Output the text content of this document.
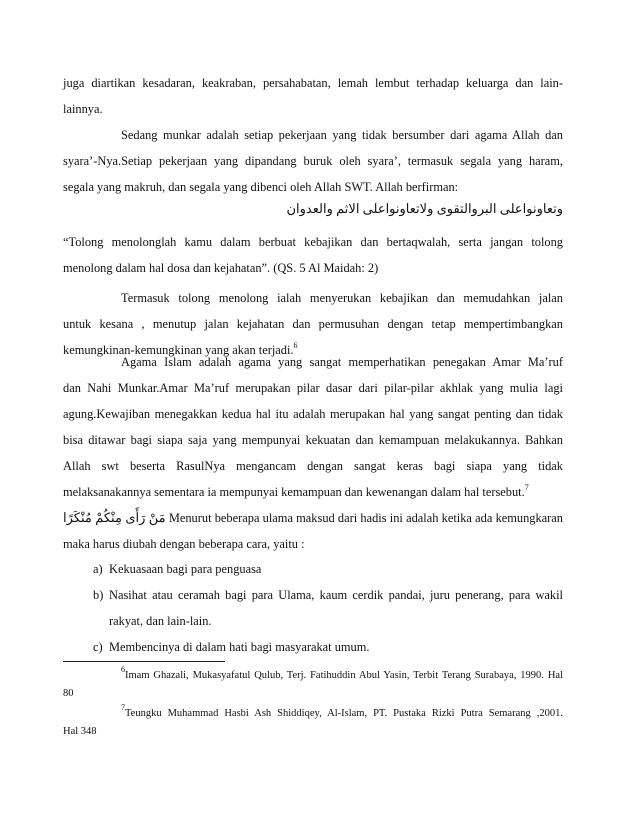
juga diartikan kesadaran, keakraban, persahabatan, lemah lembut terhadap keluarga dan lain-
lainnya.
Sedang munkar adalah setiap pekerjaan yang tidak bersumber dari agama Allah dan
syara’-Nya.Setiap pekerjaan yang dipandang buruk oleh syara’, termasuk segala yang haram,
segala yang makruh, dan segala yang dibenci oleh Allah SWT. Allah berfirman:
وتعاونواعلى البروالتقوى ولاتعاونواعلى الاثم والعدوان
“Tolong menolonglah kamu dalam berbuat kebajikan dan bertaqwalah, serta jangan tolong
menolong dalam hal dosa dan kejahatan”. (QS. 5 Al Maidah: 2)
Termasuk tolong menolong ialah menyerukan kebajikan dan memudahkan jalan
untuk kesana , menutup jalan kejahatan dan permusuhan dengan tetap mempertimbangkan
kemungkinan-kemungkinan yang akan terjadi.$^6$
Agama Islam adalah agama yang sangat memperhatikan penegakan Amar Ma’ruf
dan Nahi Munkar.Amar Ma’ruf merupakan pilar dasar dari pilar-pilar akhlak yang mulia lagi
agung.Kewajiban menegakkan kedua hal itu adalah merupakan hal yang sangat penting dan tidak
bisa ditawar bagi siapa saja yang mempunyai kekuatan dan kemampuan melakukannya. Bahkan
Allah swt beserta RasulNya mengancam dengan sangat keras bagi siapa yang tidak
melaksanakannya sementara ia mempunyai kemampuan dan kewenangan dalam hal tersebut.$^7$
مَنْ رَأَى مِنْكُمْ مُنْكَرًا Menurut beberapa ulama maksud dari hadis ini adalah ketika ada kemungkaran
maka harus diubah dengan beberapa cara, yaitu :
a) Kekuasaan bagi para penguasa
b) Nasihat atau ceramah bagi para Ulama, kaum cerdik pandai, juru penerang, para wakil
rakyat, dan lain-lain.
c) Membencinya di dalam hati bagi masyarakat umum.
$^6$Imam Ghazali, Mukasyafatul Qulub, Terj. Fatihuddin Abul Yasin, Terbit Terang Surabaya, 1990. Hal
80
$^7$Teungku Muhammad Hasbi Ash Shiddiqey, Al-Islam, PT. Pustaka Rizki Putra Semarang ,2001.
Hal 348
